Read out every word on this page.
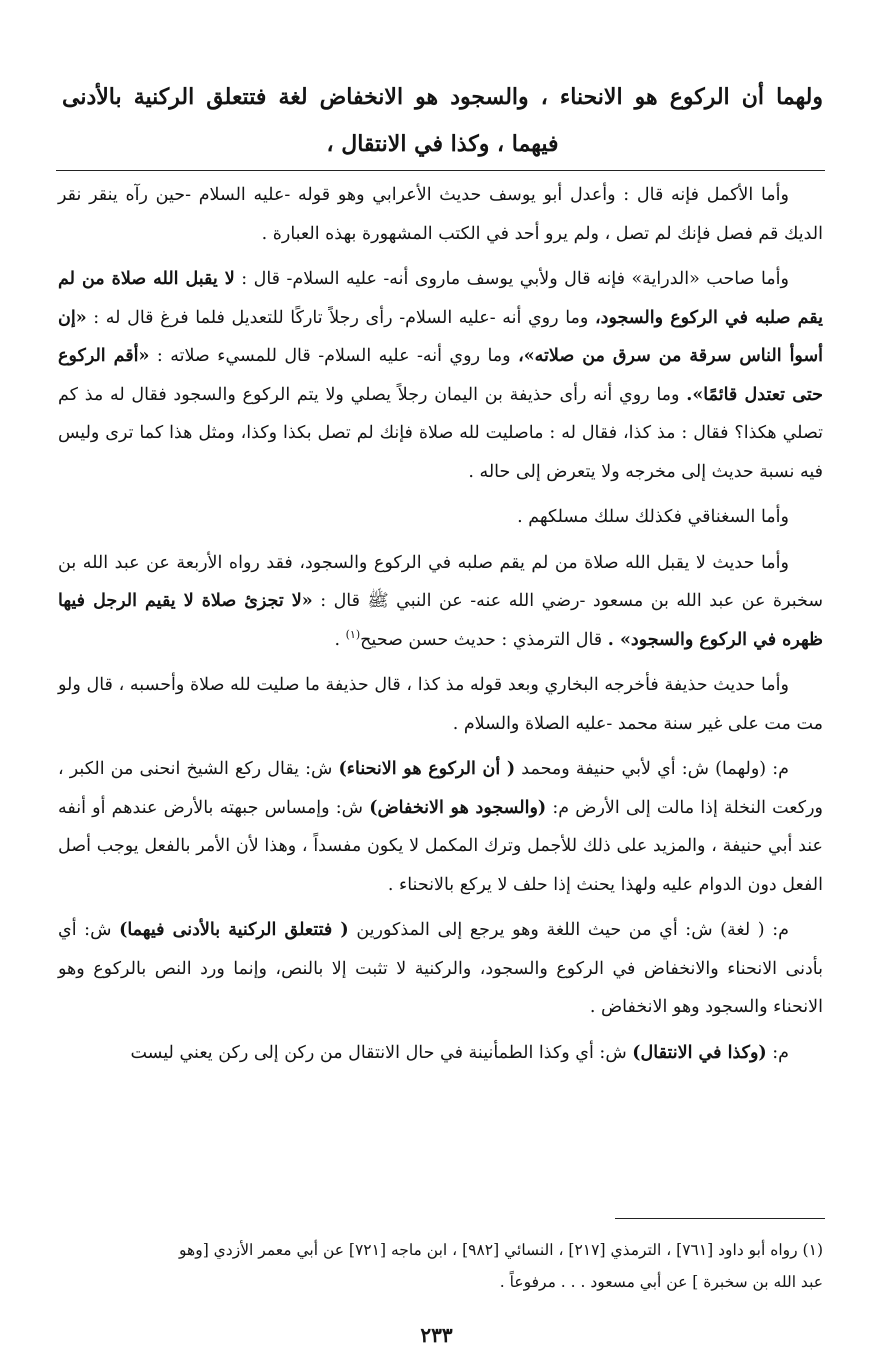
ولهما أن الركوع هو الانحناء ، والسجود هو الانخفاض لغة فتتعلق الركنية بالأدنى فيهما ، وكذا في الانتقال ،

وأما الأكمل فإنه قال : وأعدل أبو يوسف حديث الأعرابي وهو قوله -عليه السلام -حين رآه ينقر نقر الديك قم فصل فإنك لم تصل ، ولم يرو أحد في الكتب المشهورة بهذه العبارة .

وأما صاحب «الدراية» فإنه قال ولأبي يوسف ماروى أنه- عليه السلام- قال : لا يقبل الله صلاة من لم يقم صلبه في الركوع والسجود، وما روي أنه -عليه السلام- رأى رجلاً تاركًا للتعديل فلما فرغ قال له : «إن أسوأ الناس سرقة من سرق من صلاته»، وما روي أنه- عليه السلام- قال للمسيء صلاته : «أقم الركوع حتى تعتدل قائمًا». وما روي أنه رأى حذيفة بن اليمان رجلاً يصلي ولا يتم الركوع والسجود فقال له مذ كم تصلي هكذا؟ فقال : مذ كذا، فقال له : ماصليت لله صلاة فإنك لم تصل بكذا وكذا، ومثل هذا كما ترى وليس فيه نسبة حديث إلى مخرجه ولا يتعرض إلى حاله .

وأما السغناقي فكذلك سلك مسلكهم .

وأما حديث لا يقبل الله صلاة من لم يقم صلبه في الركوع والسجود، فقد رواه الأربعة عن عبد الله بن سخبرة عن عبد الله بن مسعود -رضي الله عنه- عن النبي ﷺ قال : «لا تجزئ صلاة لا يقيم الرجل فيها ظهره في الركوع والسجود» . قال الترمذي : حديث حسن صحيح$^{(١)}$ .

وأما حديث حذيفة فأخرجه البخاري وبعد قوله مذ كذا ، قال حذيفة ما صليت لله صلاة وأحسبه ، قال ولو مت مت على غير سنة محمد -عليه الصلاة والسلام .

م: (ولهما) ش: أي لأبي حنيفة ومحمد ( أن الركوع هو الانحناء) ش: يقال ركع الشيخ انحنى من الكبر ، وركعت النخلة إذا مالت إلى الأرض م: (والسجود هو الانخفاض) ش: وإمساس جبهته بالأرض عندهم أو أنفه عند أبي حنيفة ، والمزيد على ذلك للأجمل وترك المكمل لا يكون مفسداً ، وهذا لأن الأمر بالفعل يوجب أصل الفعل دون الدوام عليه ولهذا يحنث إذا حلف لا يركع بالانحناء .

م: ( لغة) ش: أي من حيث اللغة وهو يرجع إلى المذكورين ( فتتعلق الركنية بالأدنى فيهما) ش: أي بأدنى الانحناء والانخفاض في الركوع والسجود، والركنية لا تثبت إلا بالنص، وإنما ورد النص بالركوع وهو الانحناء والسجود وهو الانخفاض .

م: (وكذا في الانتقال) ش: أي وكذا الطمأنينة في حال الانتقال من ركن إلى ركن يعني ليست

(١) رواه أبو داود [٧٦١] ، الترمذي [٢١٧] ، النسائي [٩٨٢] ، ابن ماجه [٧٢١] عن أبي معمر الأزدي [وهو

عبد الله بن سخبرة ] عن أبي مسعود . . . مرفوعاً .

٢٣٣
